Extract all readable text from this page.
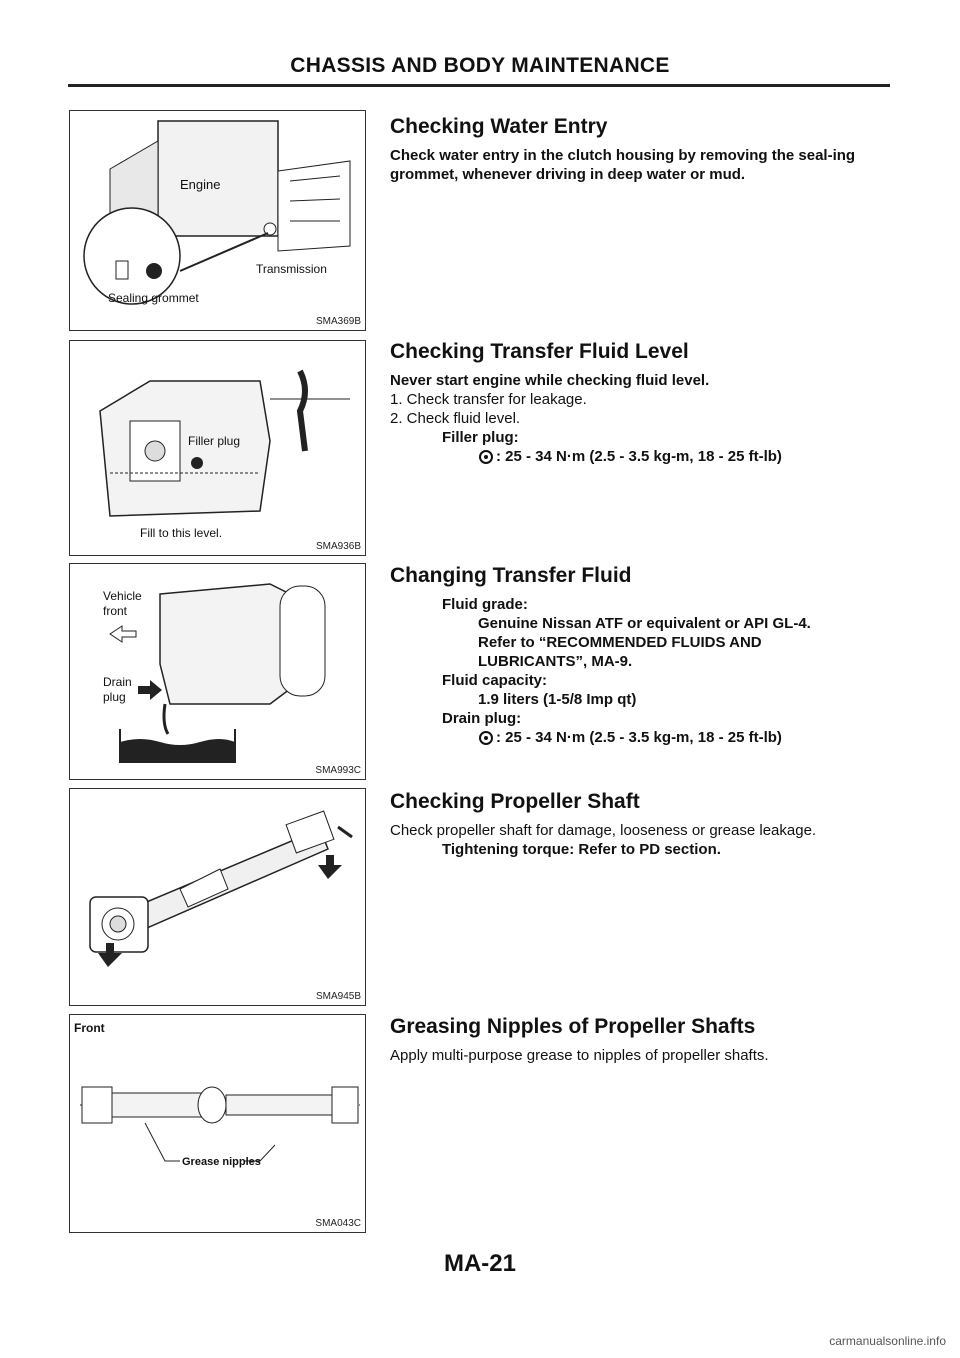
CHASSIS AND BODY MAINTENANCE
Engine
Transmission
Sealing grommet
SMA369B
Checking Water Entry

Check water entry in the clutch housing by removing the seal-ing grommet, whenever driving in deep water or mud.

Filler plug
Fill to this level.
SMA936B
Checking Transfer Fluid Level

Never start engine while checking fluid level.

1. Check transfer for leakage.

2. Check fluid level.

Filler plug:

: 25 - 34 N·m (2.5 - 3.5 kg-m, 18 - 25 ft-lb)
Vehicle
front
Drain
plug
SMA993C
Changing Transfer Fluid

Fluid grade:

Genuine Nissan ATF or equivalent or API GL-4.

Refer to “RECOMMENDED FLUIDS AND

LUBRICANTS”, MA-9.

Fluid capacity:

1.9 liters (1-5/8 Imp qt)

Drain plug:

: 25 - 34 N·m (2.5 - 3.5 kg-m, 18 - 25 ft-lb)
SMA945B
Checking Propeller Shaft

Check propeller shaft for damage, looseness or grease leakage.

Tightening torque: Refer to PD section.

Front
Grease nipples
SMA043C
Greasing Nipples of Propeller Shafts

Apply multi-purpose grease to nipples of propeller shafts.

MA-21
carmanualsonline.info
